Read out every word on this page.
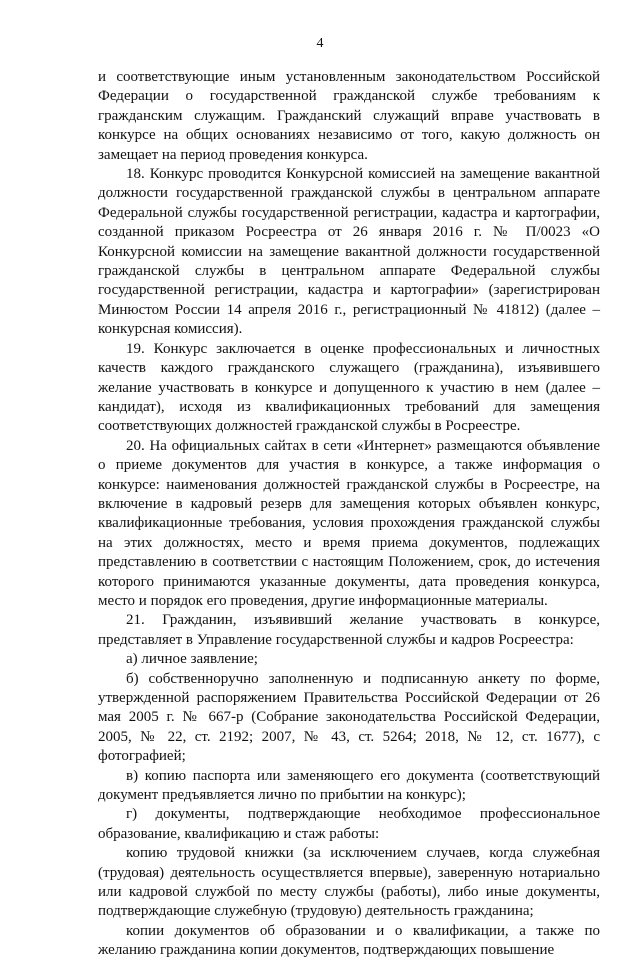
4

и соответствующие иным установленным законодательством Российской Федерации о государственной гражданской службе требованиям к гражданским служащим. Гражданский служащий вправе участвовать в конкурсе на общих основаниях независимо от того, какую должность он замещает на период проведения конкурса.

18. Конкурс проводится Конкурсной комиссией на замещение вакантной должности государственной гражданской службы в центральном аппарате Федеральной службы государственной регистрации, кадастра и картографии, созданной приказом Росреестра от 26 января 2016 г. № П/0023 «О Конкурсной комиссии на замещение вакантной должности государственной гражданской службы в центральном аппарате Федеральной службы государственной регистрации, кадастра и картографии» (зарегистрирован Минюстом России 14 апреля 2016 г., регистрационный № 41812) (далее – конкурсная комиссия).

19. Конкурс заключается в оценке профессиональных и личностных качеств каждого гражданского служащего (гражданина), изъявившего желание участвовать в конкурсе и допущенного к участию в нем (далее – кандидат), исходя из квалификационных требований для замещения соответствующих должностей гражданской службы в Росреестре.

20. На официальных сайтах в сети «Интернет» размещаются объявление о приеме документов для участия в конкурсе, а также информация о конкурсе: наименования должностей гражданской службы в Росреестре, на включение в кадровый резерв для замещения которых объявлен конкурс, квалификационные требования, условия прохождения гражданской службы на этих должностях, место и время приема документов, подлежащих представлению в соответствии с настоящим Положением, срок, до истечения которого принимаются указанные документы, дата проведения конкурса, место и порядок его проведения, другие информационные материалы.

21. Гражданин, изъявивший желание участвовать в конкурсе, представляет в Управление государственной службы и кадров Росреестра:

а) личное заявление;

б) собственноручно заполненную и подписанную анкету по форме, утвержденной распоряжением Правительства Российской Федерации от 26 мая 2005 г. № 667-р (Собрание законодательства Российской Федерации, 2005, № 22, ст. 2192; 2007, № 43, ст. 5264; 2018, № 12, ст. 1677), с фотографией;

в) копию паспорта или заменяющего его документа (соответствующий документ предъявляется лично по прибытии на конкурс);

г) документы, подтверждающие необходимое профессиональное образование, квалификацию и стаж работы:

копию трудовой книжки (за исключением случаев, когда служебная (трудовая) деятельность осуществляется впервые), заверенную нотариально или кадровой службой по месту службы (работы), либо иные документы, подтверждающие служебную (трудовую) деятельность гражданина;

копии документов об образовании и о квалификации, а также по желанию гражданина копии документов, подтверждающих повышение
